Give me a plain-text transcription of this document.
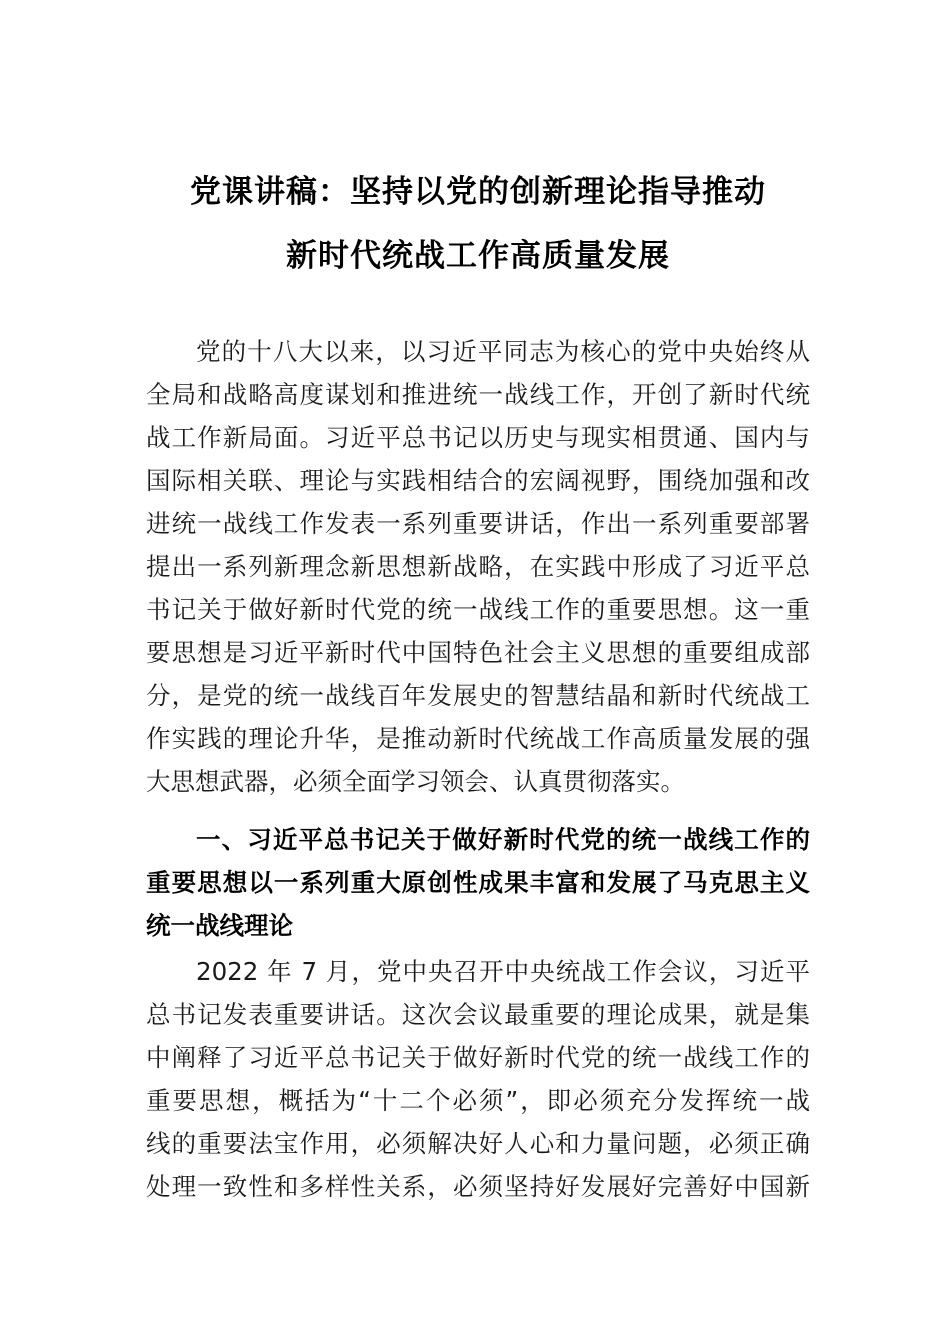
党课讲稿：坚持以党的创新理论指导推动
新时代统战工作高质量发展
党的十八大以来，以习近平同志为核心的党中央始终从
全局和战略高度谋划和推进统一战线工作，开创了新时代统
战工作新局面。习近平总书记以历史与现实相贯通、国内与
国际相关联、理论与实践相结合的宏阔视野，围绕加强和改
进统一战线工作发表一系列重要讲话，作出一系列重要部署
提出一系列新理念新思想新战略，在实践中形成了习近平总
书记关于做好新时代党的统一战线工作的重要思想。这一重
要思想是习近平新时代中国特色社会主义思想的重要组成部
分，是党的统一战线百年发展史的智慧结晶和新时代统战工
作实践的理论升华，是推动新时代统战工作高质量发展的强
大思想武器，必须全面学习领会、认真贯彻落实。
一、习近平总书记关于做好新时代党的统一战线工作的
重要思想以一系列重大原创性成果丰富和发展了马克思主义
统一战线理论
2022 年 7 月，党中央召开中央统战工作会议，习近平
总书记发表重要讲话。这次会议最重要的理论成果，就是集
中阐释了习近平总书记关于做好新时代党的统一战线工作的
重要思想，概括为“十二个必须”，即必须充分发挥统一战
线的重要法宝作用，必须解决好人心和力量问题，必须正确
处理一致性和多样性关系，必须坚持好发展好完善好中国新
